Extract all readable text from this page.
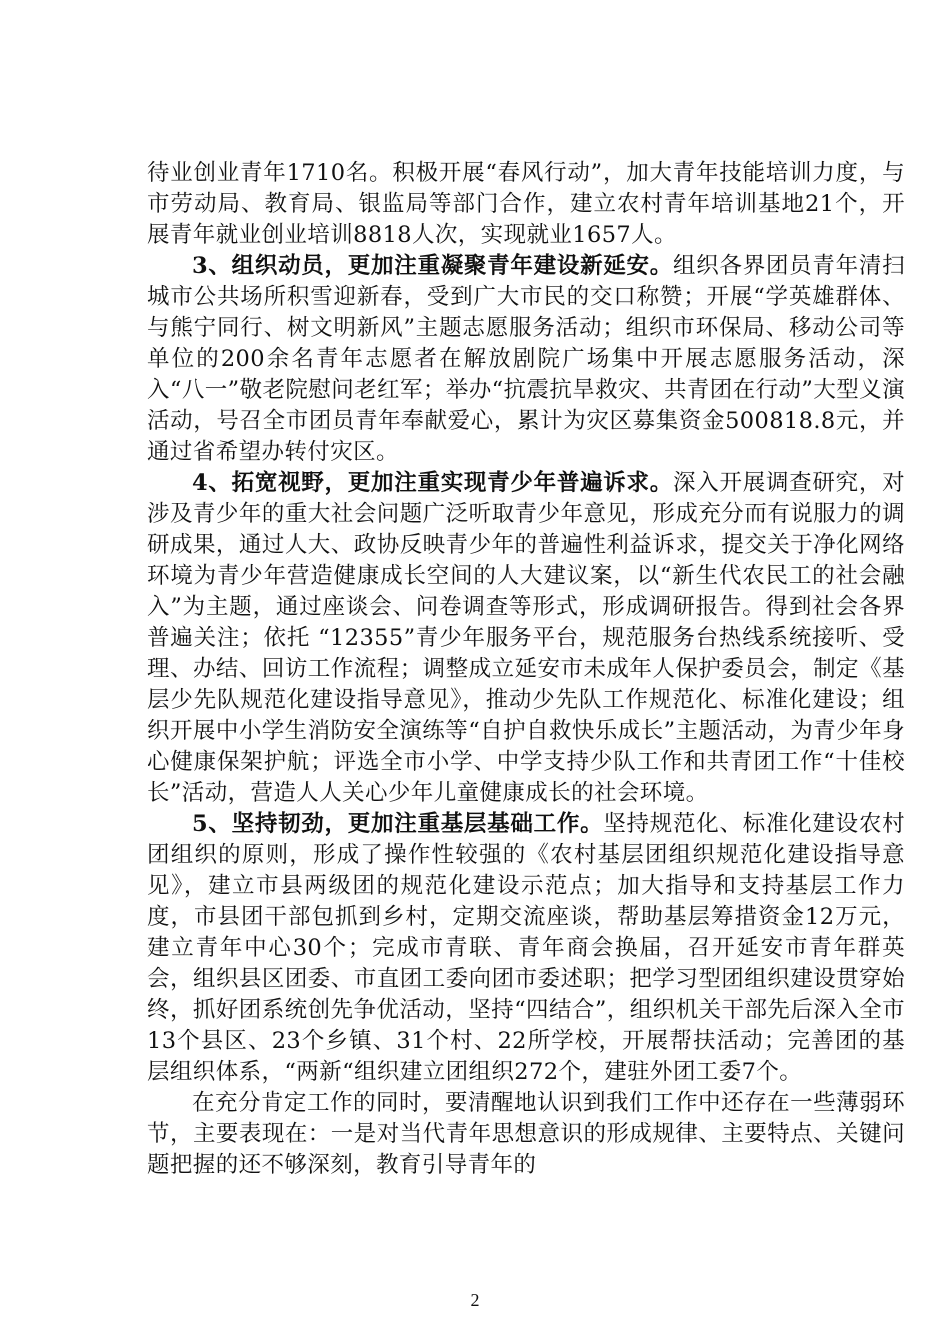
待业创业青年1710名。积极开展“春风行动”，加大青年技能培训力度，与市劳动局、教育局、银监局等部门合作，建立农村青年培训基地21个，开展青年就业创业培训8818人次，实现就业1657人。

3、组织动员，更加注重凝聚青年建设新延安。组织各界团员青年清扫城市公共场所积雪迎新春，受到广大市民的交口称赞；开展“学英雄群体、与熊宁同行、树文明新风”主题志愿服务活动；组织市环保局、移动公司等单位的200余名青年志愿者在解放剧院广场集中开展志愿服务活动，深入“八一”敬老院慰问老红军；举办“抗震抗旱救灾、共青团在行动”大型义演活动，号召全市团员青年奉献爱心，累计为灾区募集资金500818.8元，并通过省希望办转付灾区。

4、拓宽视野，更加注重实现青少年普遍诉求。深入开展调查研究，对涉及青少年的重大社会问题广泛听取青少年意见，形成充分而有说服力的调研成果，通过人大、政协反映青少年的普遍性利益诉求，提交关于净化网络环境为青少年营造健康成长空间的人大建议案，以“新生代农民工的社会融入”为主题，通过座谈会、问卷调查等形式，形成调研报告。得到社会各界普遍关注；依托 “12355”青少年服务平台，规范服务台热线系统接听、受理、办结、回访工作流程；调整成立延安市未成年人保护委员会，制定《基层少先队规范化建设指导意见》，推动少先队工作规范化、标准化建设；组织开展中小学生消防安全演练等“自护自救快乐成长”主题活动，为青少年身心健康保架护航；评选全市小学、中学支持少队工作和共青团工作“十佳校长”活动，营造人人关心少年儿童健康成长的社会环境。

5、坚持韧劲，更加注重基层基础工作。坚持规范化、标准化建设农村团组织的原则，形成了操作性较强的《农村基层团组织规范化建设指导意见》，建立市县两级团的规范化建设示范点；加大指导和支持基层工作力度，市县团干部包抓到乡村，定期交流座谈，帮助基层筹措资金12万元，建立青年中心30个；完成市青联、青年商会换届，召开延安市青年群英会，组织县区团委、市直团工委向团市委述职；把学习型团组织建设贯穿始终，抓好团系统创先争优活动，坚持“四结合”，组织机关干部先后深入全市13个县区、23个乡镇、31个村、22所学校，开展帮扶活动；完善团的基层组织体系，“两新“组织建立团组织272个，建驻外团工委7个。

在充分肯定工作的同时，要清醒地认识到我们工作中还存在一些薄弱环节，主要表现在：一是对当代青年思想意识的形成规律、主要特点、关键问题把握的还不够深刻，教育引导青年的

2
